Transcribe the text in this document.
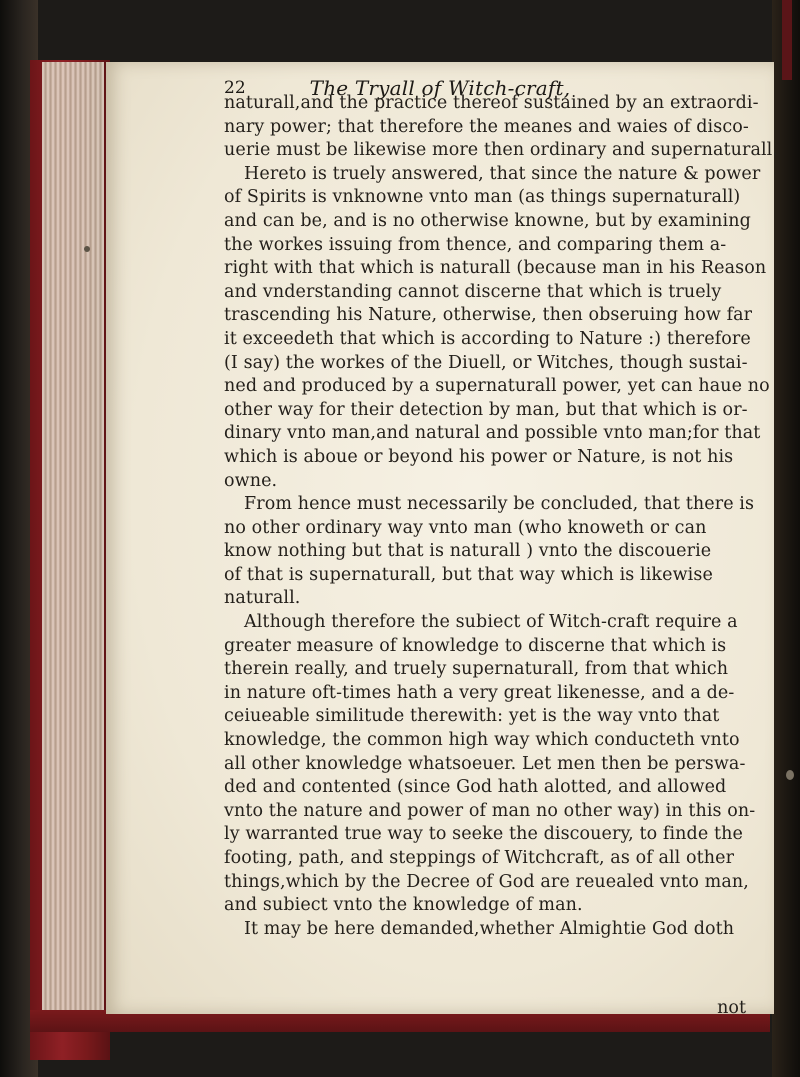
22	The Tryall of Witch-craft,
naturall,and the practice thereof sustained by an extraordi-
nary power; that therefore the meanes and waies of disco-
uerie must be likewise more then ordinary and supernaturall.
Hereto is truely answered, that since the nature & power
of Spirits is vnknowne vnto man (as things supernaturall)
and can be, and is no otherwise knowne, but by examining
the workes issuing from thence, and comparing them a-
right with that which is naturall (because man in his Reason
and vnderstanding cannot discerne that which is truely
trascending his Nature, otherwise, then obseruing how far
it exceedeth that which is according to Nature :) therefore
(I say) the workes of the Diuell, or Witches, though sustai-
ned and produced by a supernaturall power, yet can haue no
other way for their detection by man, but that which is or-
dinary vnto man,and natural and possible vnto man;for that
which is aboue or beyond his power or Nature, is not his
owne.
From hence must necessarily be concluded, that there is
no other ordinary way vnto man (who knoweth or can
know nothing but that is naturall ) vnto the discouerie
of that is supernaturall, but that way which is likewise
naturall.
Although therefore the subiect of Witch-craft require a
greater measure of knowledge to discerne that which is
therein really, and truely supernaturall, from that which
in nature oft-times hath a very great likenesse, and a de-
ceiueable similitude therewith: yet is the way vnto that
knowledge, the common high way which conducteth vnto
all other knowledge whatsoeuer. Let men then be perswa-
ded and contented (since God hath alotted, and allowed
vnto the nature and power of man no other way) in this on-
ly warranted true way to seeke the discouery, to finde the
footing, path, and steppings of Witchcraft, as of all other
things,which by the Decree of God are reuealed vnto man,
and subiect vnto the knowledge of man.
It may be here demanded,whether Almightie God doth
not
